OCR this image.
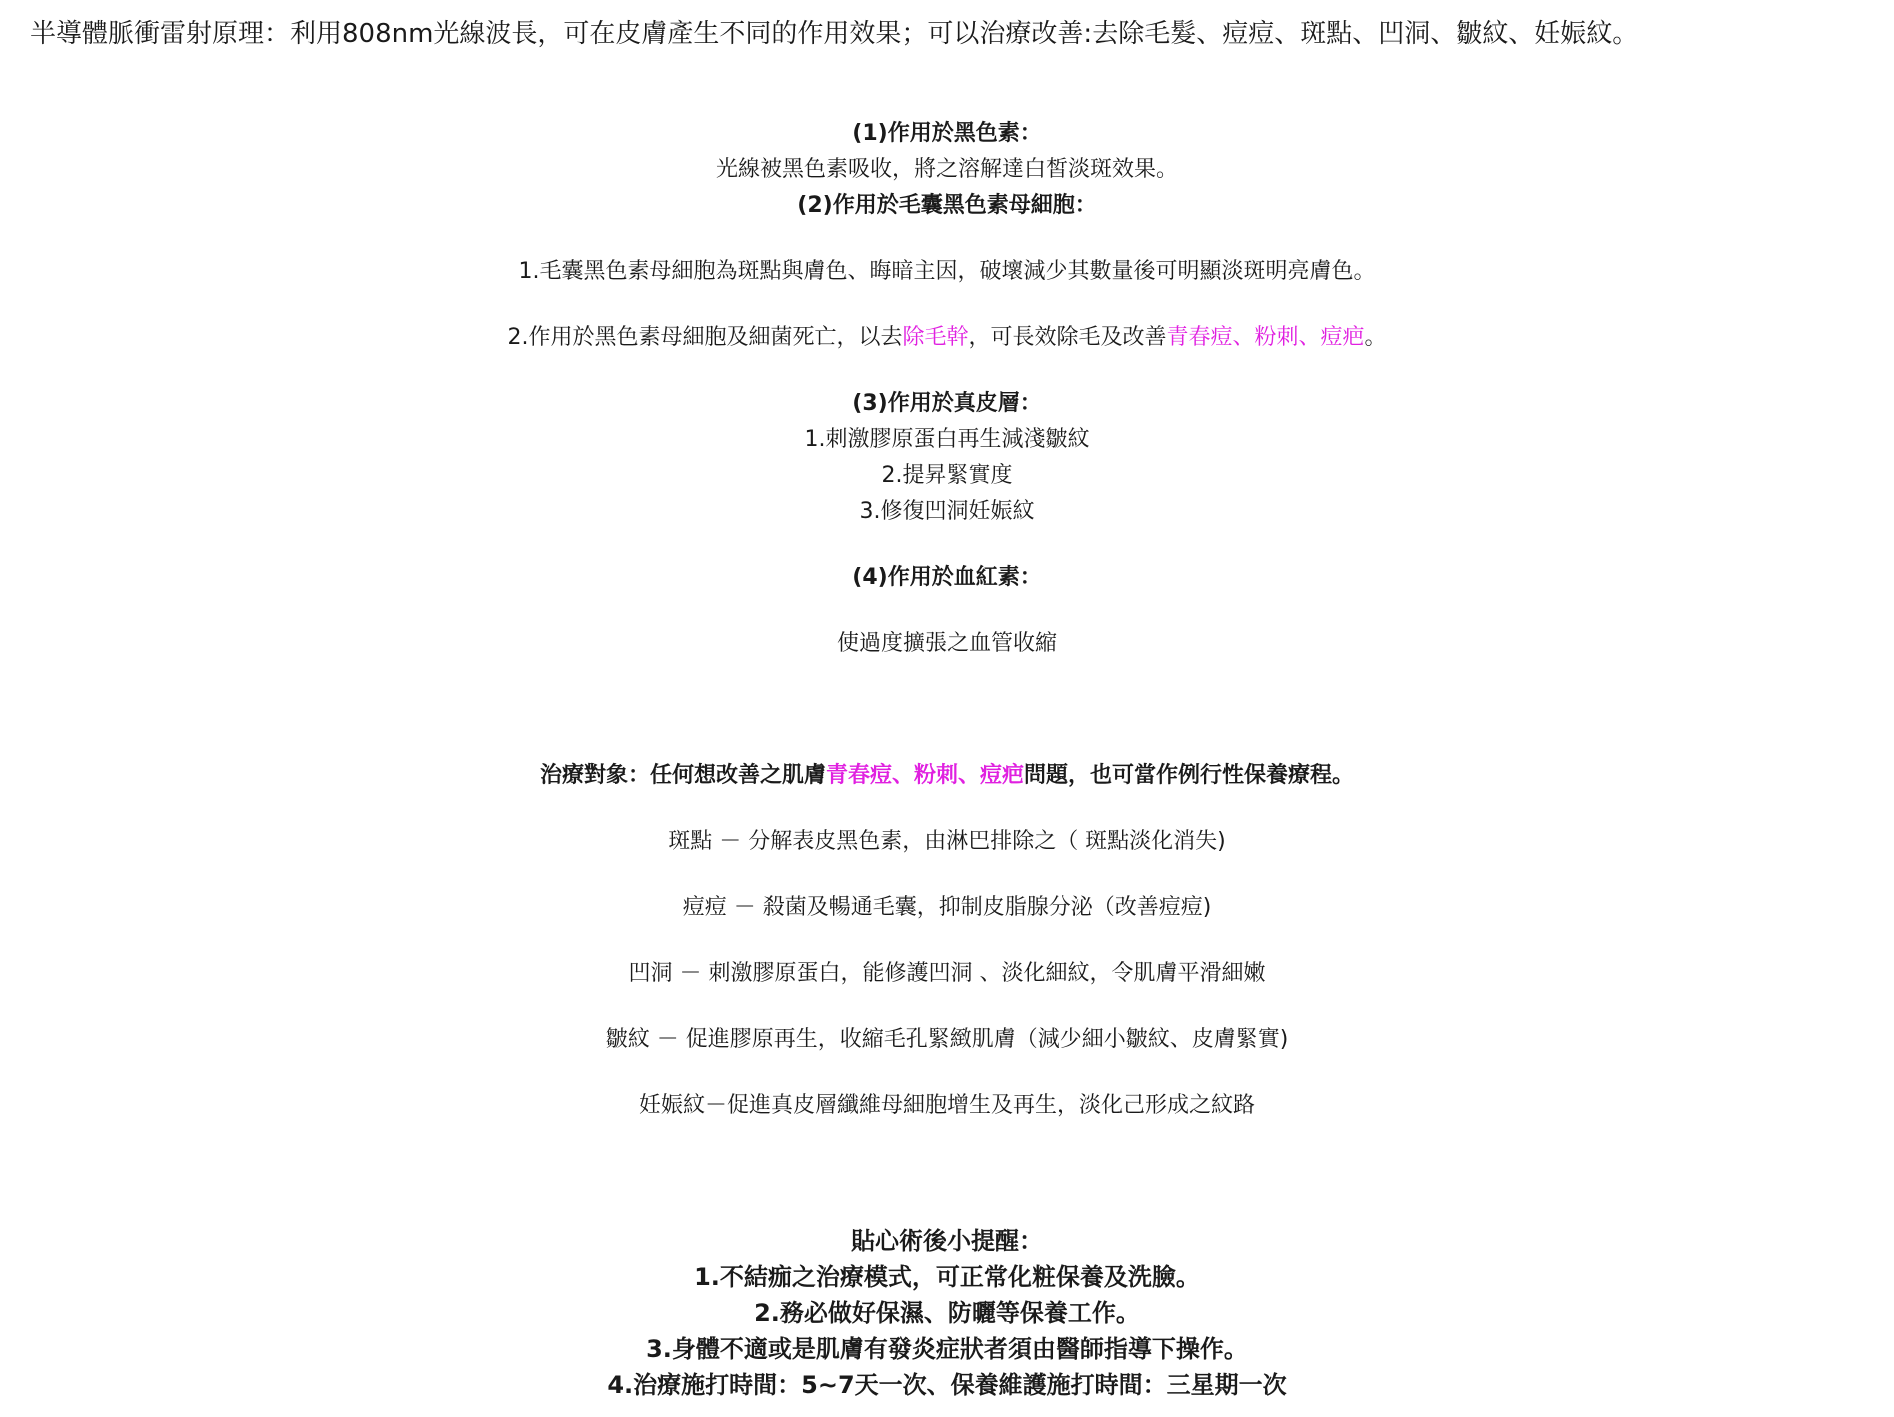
半導體脈衝雷射原理：利用808nm光線波長，可在皮膚產生不同的作用效果；可以治療改善:去除毛髮、痘痘、斑點、凹洞、皺紋、妊娠紋。
(1)作用於黑色素：
光線被黑色素吸收，將之溶解達白皙淡斑效果。
(2)作用於毛囊黑色素母細胞：
1.毛囊黑色素母細胞為斑點與膚色、晦暗主因，破壞減少其數量後可明顯淡斑明亮膚色。
2.作用於黑色素母細胞及細菌死亡，以去除毛幹，可長效除毛及改善青春痘、粉刺、痘疤。
(3)作用於真皮層：
1.刺激膠原蛋白再生減淺皺紋
2.提昇緊實度
3.修復凹洞妊娠紋
(4)作用於血紅素：
使過度擴張之血管收縮
治療對象：任何想改善之肌膚青春痘、粉刺、痘疤問題，也可當作例行性保養療程。
斑點 － 分解表皮黑色素，由淋巴排除之（ 斑點淡化消失)
痘痘 － 殺菌及暢通毛囊，抑制皮脂腺分泌（改善痘痘)
凹洞 － 刺激膠原蛋白，能修護凹洞 、淡化細紋，令肌膚平滑細嫩
皺紋 － 促進膠原再生，收縮毛孔緊緻肌膚（減少細小皺紋、皮膚緊實)
妊娠紋－促進真皮層纖維母細胞增生及再生，淡化己形成之紋路
貼心術後小提醒：
1.不結痂之治療模式，可正常化粧保養及洗臉。
2.務必做好保濕、防曬等保養工作。
3.身體不適或是肌膚有發炎症狀者須由醫師指導下操作。
4.治療施打時間：5~7天一次、保養維護施打時間：三星期一次
